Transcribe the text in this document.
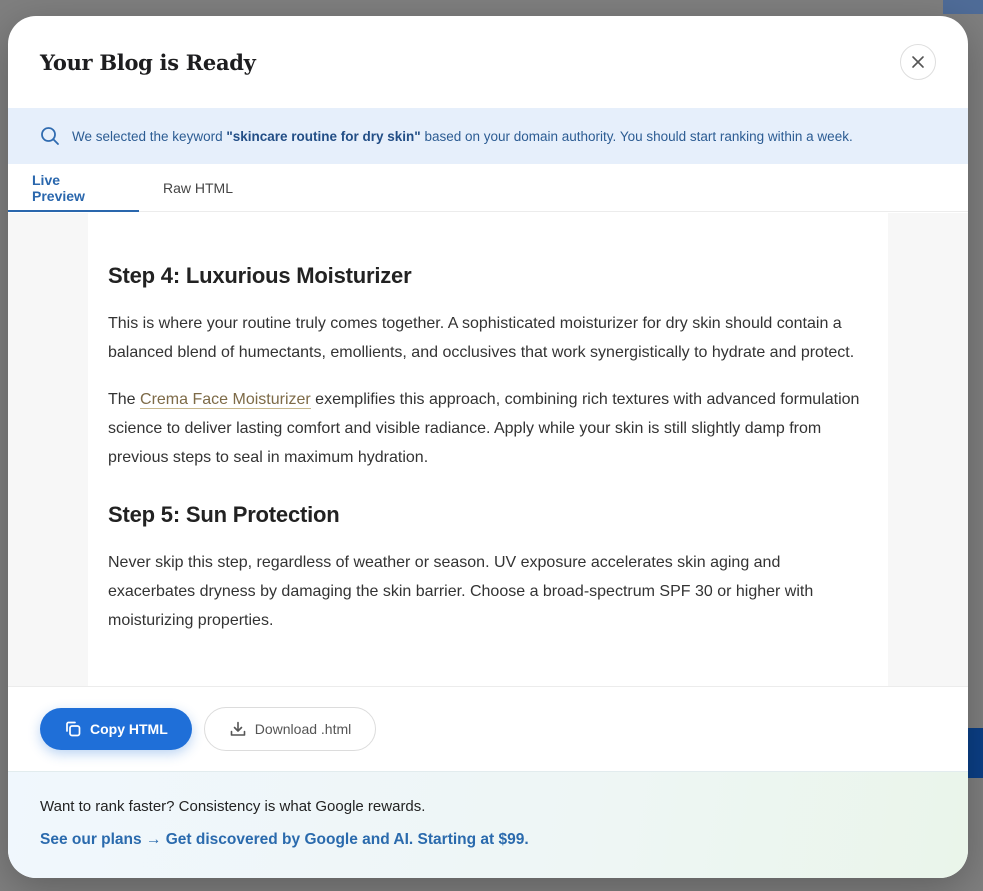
Your Blog is Ready
We selected the keyword "skincare routine for dry skin" based on your domain authority. You should start ranking within a week.
Live Preview	Raw HTML
Step 4: Luxurious Moisturizer

This is where your routine truly comes together. A sophisticated moisturizer for dry skin should contain a balanced blend of humectants, emollients, and occlusives that work synergistically to hydrate and protect.

The Crema Face Moisturizer exemplifies this approach, combining rich textures with advanced formulation science to deliver lasting comfort and visible radiance. Apply while your skin is still slightly damp from previous steps to seal in maximum hydration.

Step 5: Sun Protection

Never skip this step, regardless of weather or season. UV exposure accelerates skin aging and exacerbates dryness by damaging the skin barrier. Choose a broad-spectrum SPF 30 or higher with moisturizing properties.

Copy HTML	Download .html
Want to rank faster? Consistency is what Google rewards.
See our plans → Get discovered by Google and AI. Starting at $99.
